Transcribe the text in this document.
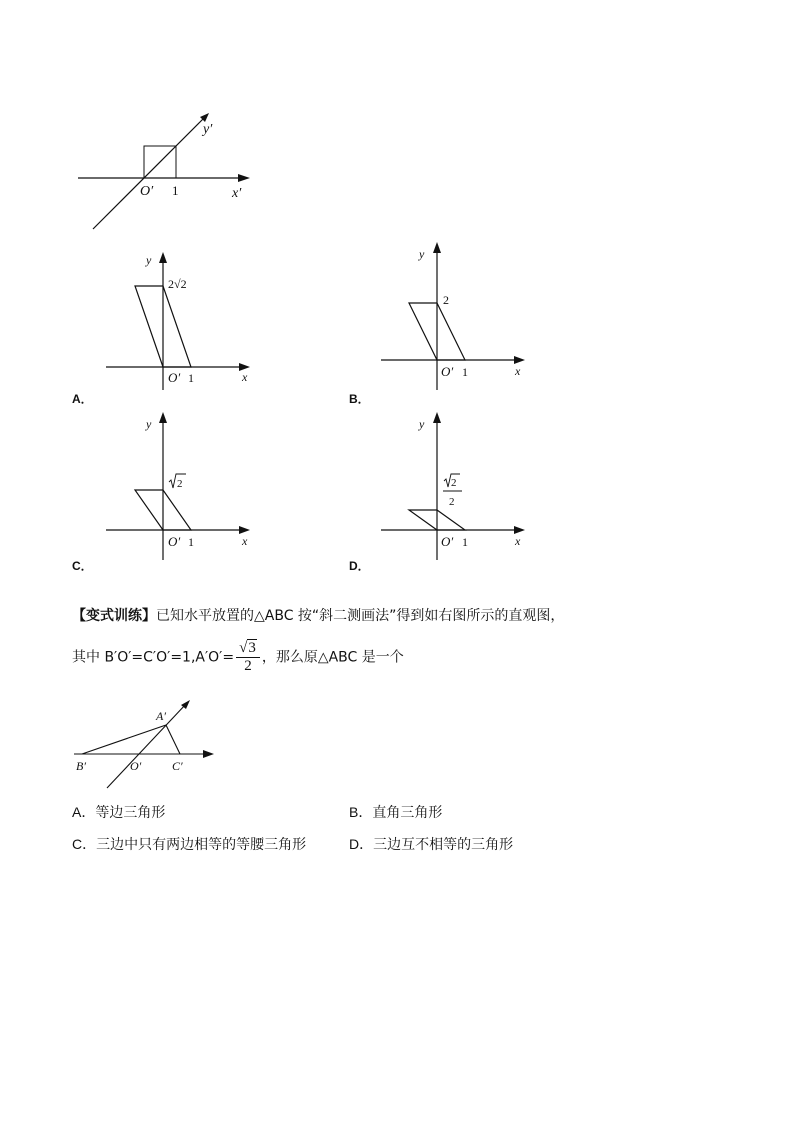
y′
x′
O′ 1
y
x
O′ 1
2√2
A．
y
x
O′ 1
2
B．
y
x
O′ 1
2
C．
y
x
O′ 1
2
2
D．
【变式训练】已知水平放置的△ABC 按“斜二测画法”得到如右图所示的直观图，
其中 $B'O'=C'O'=1,A'O'= \frac{√3}{2}$ ，那么原△ABC 是一个
A′
B′	O′	C′
A．等边三角形	B．直角三角形
C．三边中只有两边相等的等腰三角形	D．三边互不相等的三角形
